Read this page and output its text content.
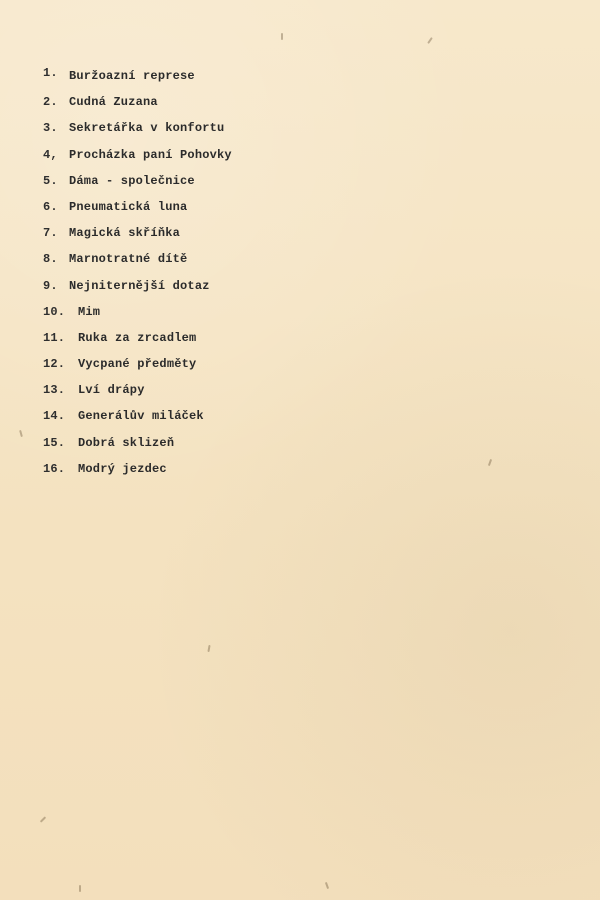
1. Buržoazní represe
2. Cudná Zuzana
3. Sekretářka v konfortu
4, Procházka paní Pohovky
5. Dáma - společnice
6. Pneumatická luna
7. Magická skříňka
8. Marnotratné dítě
9. Nejniternější dotaz
10.	Mim
11.	Ruka za zrcadlem
12.	Vycpané předměty
13.	Lví drápy
14.	Generálův miláček
15.	Dobrá sklizeň
16.	Modrý jezdec
